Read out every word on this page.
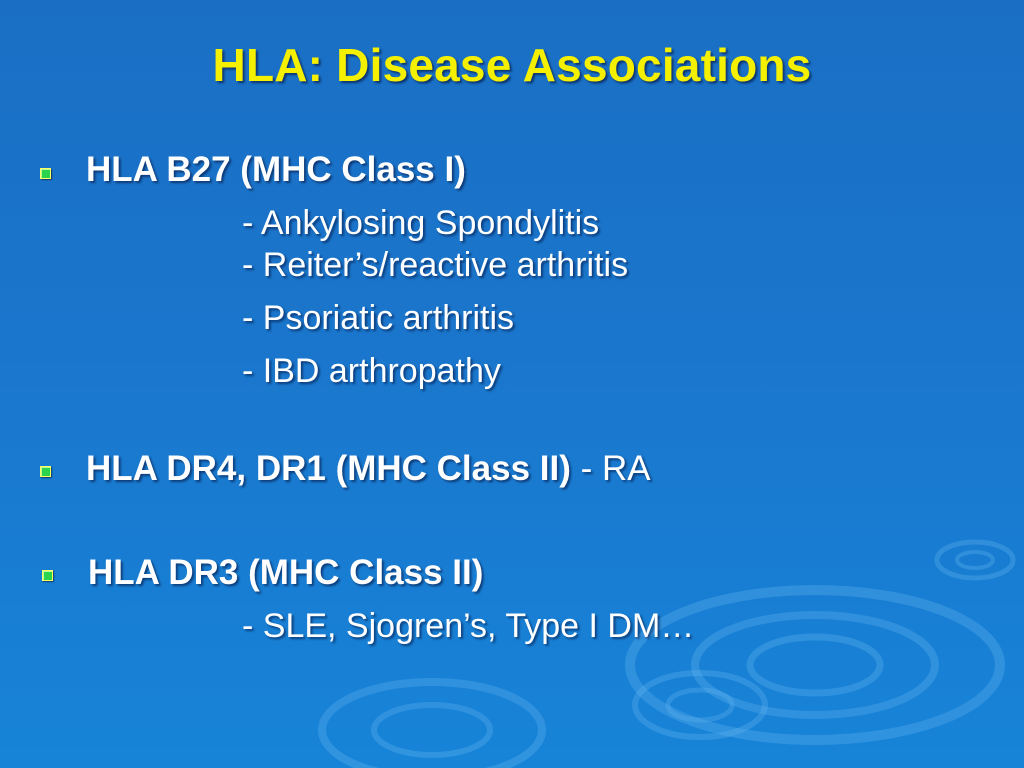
HLA: Disease Associations
HLA B27 (MHC Class I)
- Ankylosing Spondylitis
- Reiter’s/reactive arthritis
- Psoriatic arthritis
- IBD arthropathy
HLA DR4, DR1 (MHC Class II) - RA
HLA DR3 (MHC Class II)
- SLE, Sjogren’s, Type I DM…
